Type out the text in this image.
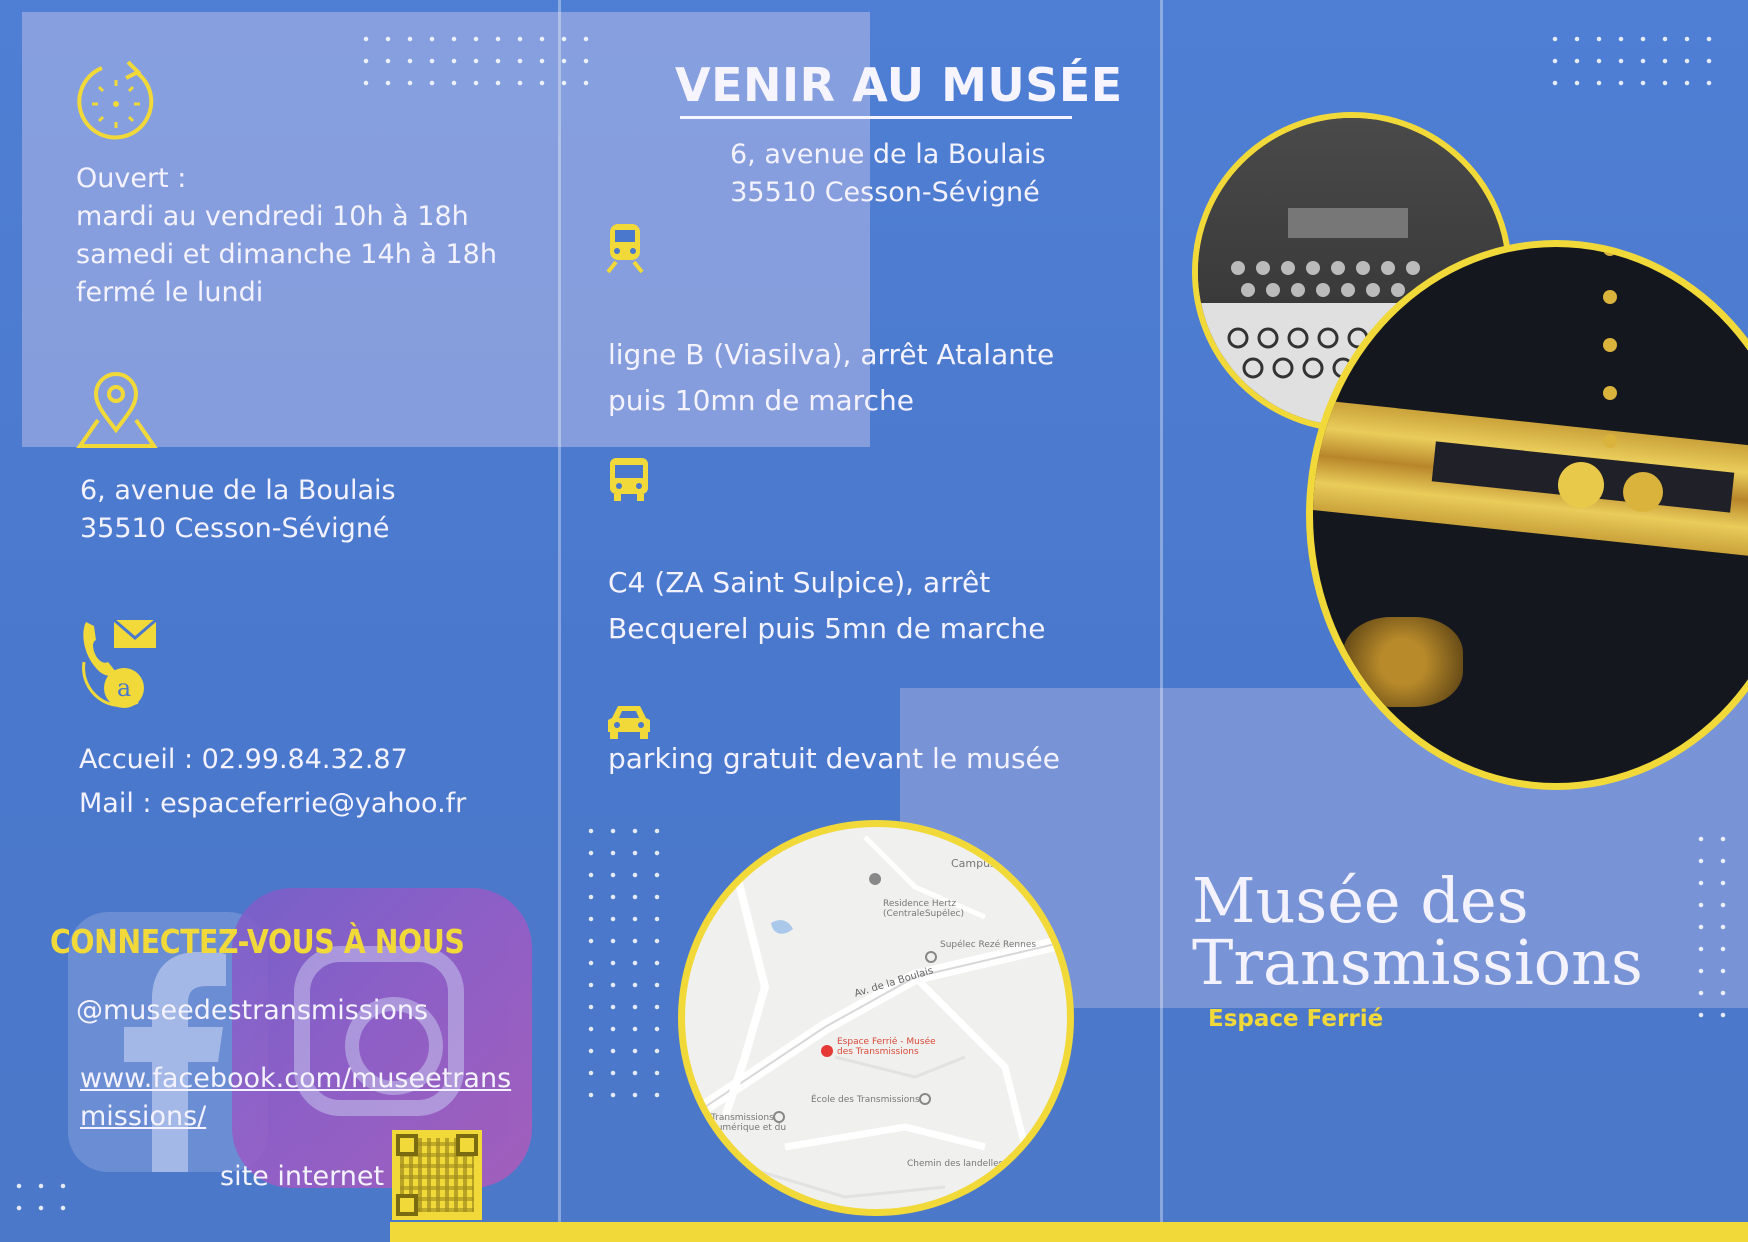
Ouvert :
mardi au vendredi 10h à 18h
samedi et dimanche 14h à 18h
fermé le lundi
6, avenue de la Boulais
35510 Cesson-Sévigné
a
Accueil : 02.99.84.32.87
Mail : espaceferrie@yahoo.fr
CONNECTEZ-VOUS À NOUS
@museedestransmissions
www.facebook.com/museetrans
missions/
site internet
VENIR AU MUSÉE
6, avenue de la Boulais
35510 Cesson-Sévigné
ligne B (Viasilva), arrêt Atalante
puis 10mn de marche
C4 (ZA Saint Sulpice), arrêt
Becquerel puis 5mn de marche
parking gratuit devant le musée
Campus
Residence Hertz
(CentraleSupélec)
Supélec Rezé Rennes
Av. de la Boulais
Espace Ferrié - Musée
des Transmissions
École des Transmissions
Transmissions
numérique et du
Chemin des landelles
Musée des
Transmissions
Espace Ferrié
